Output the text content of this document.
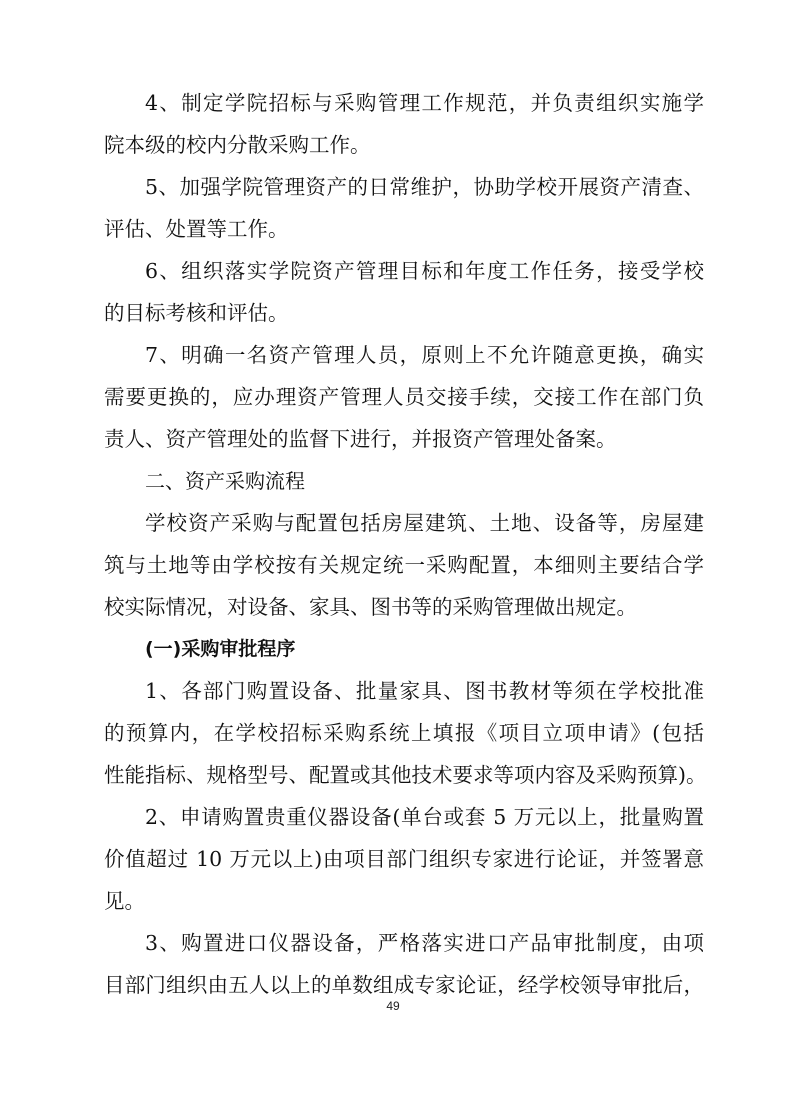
4、制定学院招标与采购管理工作规范，并负责组织实施学
院本级的校内分散采购工作。
5、加强学院管理资产的日常维护，协助学校开展资产清查、
评估、处置等工作。
6、组织落实学院资产管理目标和年度工作任务，接受学校
的目标考核和评估。
7、明确一名资产管理人员，原则上不允许随意更换，确实
需要更换的，应办理资产管理人员交接手续，交接工作在部门负
责人、资产管理处的监督下进行，并报资产管理处备案。
二、资产采购流程
学校资产采购与配置包括房屋建筑、土地、设备等，房屋建
筑与土地等由学校按有关规定统一采购配置，本细则主要结合学
校实际情况，对设备、家具、图书等的采购管理做出规定。
(一)采购审批程序
1、各部门购置设备、批量家具、图书教材等须在学校批准
的预算内，在学校招标采购系统上填报《项目立项申请》(包括
性能指标、规格型号、配置或其他技术要求等项内容及采购预算)。
2、申请购置贵重仪器设备(单台或套 5 万元以上，批量购置
价值超过 10 万元以上)由项目部门组织专家进行论证，并签署意
见。
3、购置进口仪器设备，严格落实进口产品审批制度，由项
目部门组织由五人以上的单数组成专家论证，经学校领导审批后，
49
